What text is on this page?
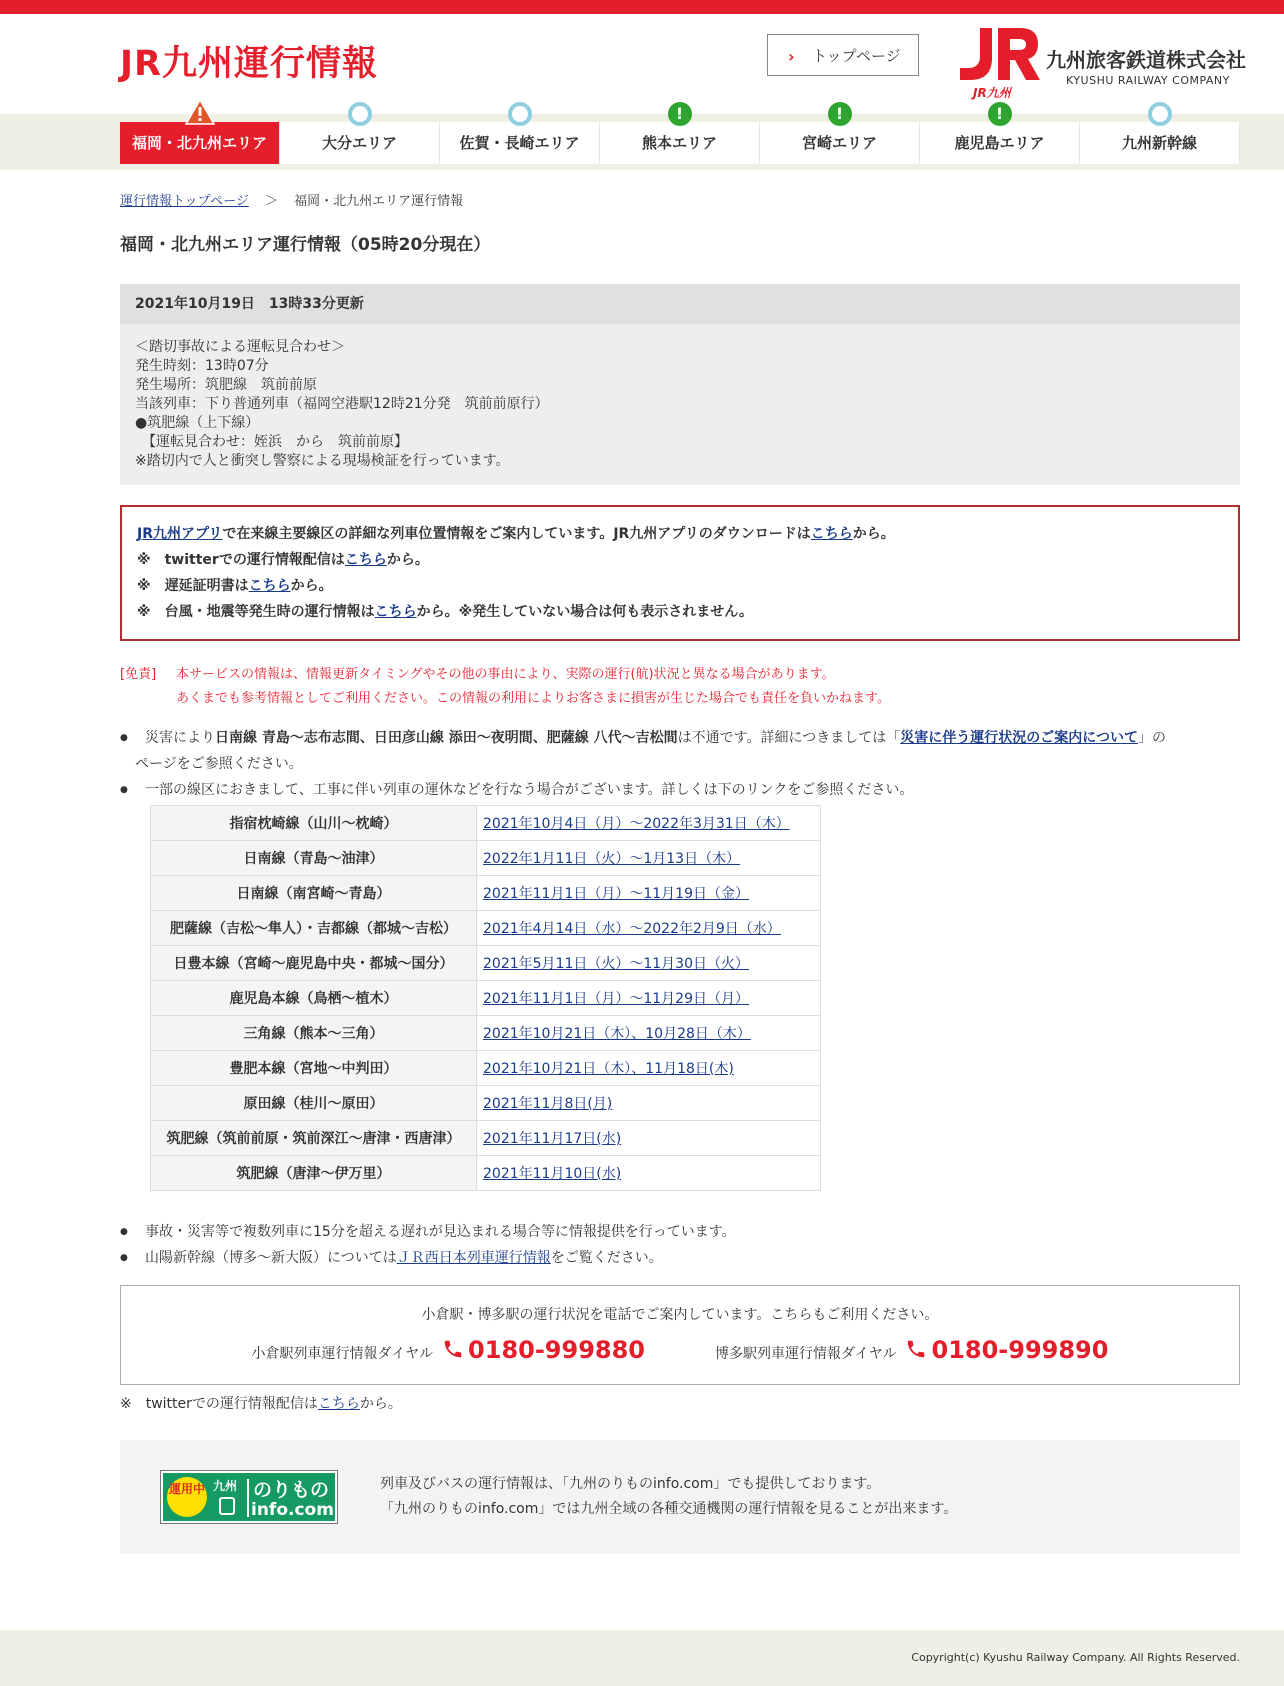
JR九州運行情報	› トップページ
JR九州
九州旅客鉄道株式会社
KYUSHU RAILWAY COMPANY
福岡・北九州エリア	大分エリア	佐賀・長崎エリア
!
熊本エリア
!
宮崎エリア
!
鹿児島エリア	九州新幹線
運行情報トップページ ＞ 福岡・北九州エリア運行情報
福岡・北九州エリア運行情報（05時20分現在）
2021年10月19日　13時33分更新
＜踏切事故による運転見合わせ＞
発生時刻：13時07分
発生場所：筑肥線　筑前前原
当該列車：下り普通列車（福岡空港駅12時21分発　筑前前原行）
●筑肥線（上下線）
　【運転見合わせ：姪浜　から　筑前前原】
※踏切内で人と衝突し警察による現場検証を行っています。
JR九州アプリで在来線主要線区の詳細な列車位置情報をご案内しています。JR九州アプリのダウンロードはこちらから。
※　twitterでの運行情報配信はこちらから。
※　遅延証明書はこちらから。
※　台風・地震等発生時の運行情報はこちらから。※発生していない場合は何も表示されません。
[免責]	本サービスの情報は、情報更新タイミングやその他の事由により、実際の運行(航)状況と異なる場合があります。
あくまでも参考情報としてご利用ください。この情報の利用によりお客さまに損害が生じた場合でも責任を負いかねます。
● 災害により日南線 青島～志布志間、日田彦山線 添田～夜明間、肥薩線 八代～吉松間は不通です。詳細につきましては「災害に伴う運行状況のご案内について」の
ページをご参照ください。
● 一部の線区におきまして、工事に伴い列車の運休などを行なう場合がございます。詳しくは下のリンクをご参照ください。
指宿枕崎線（山川～枕崎）	2021年10月4日（月）～2022年3月31日（木）
日南線（青島～油津）	2022年1月11日（火）～1月13日（木）
日南線（南宮崎～青島）	2021年11月1日（月）～11月19日（金）
肥薩線（吉松～隼人）・吉都線（都城～吉松）	2021年4月14日（水）～2022年2月9日（水）
日豊本線（宮崎～鹿児島中央・都城～国分）	2021年5月11日（火）～11月30日（火）
鹿児島本線（鳥栖～植木）	2021年11月1日（月）～11月29日（月）
三角線（熊本～三角）	2021年10月21日（木）、10月28日（木）
豊肥本線（宮地～中判田）	2021年10月21日（木）、11月18日(木)
原田線（桂川～原田）	2021年11月8日(月)
筑肥線（筑前前原・筑前深江～唐津・西唐津）	2021年11月17日(水)
筑肥線（唐津～伊万里）	2021年11月10日(水)
● 事故・災害等で複数列車に15分を超える遅れが見込まれる場合等に情報提供を行っています。
● 山陽新幹線（博多～新大阪）についてはＪＲ西日本列車運行情報をご覧ください。
小倉駅・博多駅の運行状況を電話でご案内しています。こちらもご利用ください。
小倉駅列車運行情報ダイヤル 0180-999880	博多駅列車運行情報ダイヤル 0180-999890
※　twitterでの運行情報配信はこちらから。
運用中 九州 のりもの
info.com
列車及びバスの運行情報は、「九州のりものinfo.com」でも提供しております。
「九州のりものinfo.com」では九州全域の各種交通機関の運行情報を見ることが出来ます。
Copyright(c) Kyushu Railway Company. All Rights Reserved.
